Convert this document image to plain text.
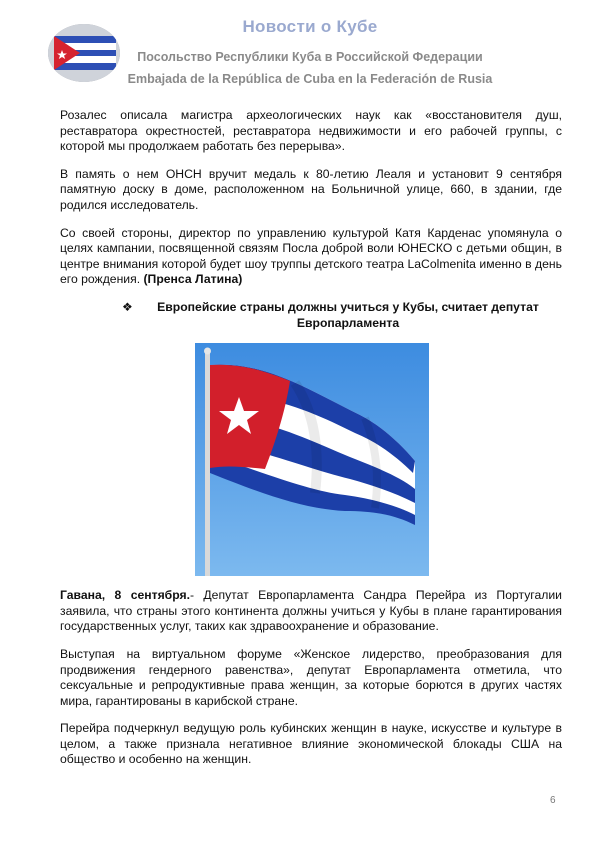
Новости о Кубе
Посольство Республики Куба в Российской Федерации
Embajada de la República de Cuba en la Federación de Rusia

Розалес описала магистра археологических наук как «восстановителя душ, реставратора окрестностей, реставратора недвижимости и его рабочей группы, с которой мы продолжаем работать без перерыва».

В память о нем ОНСН вручит медаль к 80-летию Леаля и установит 9 сентября памятную доску в доме, расположенном на Больничной улице, 660, в здании, где родился исследователь.

Со своей стороны, директор по управлению культурой Катя Карденас упомянула о целях кампании, посвященной связям Посла доброй воли ЮНЕСКО с детьми общин, в центре внимания которой будет шоу труппы детского театра LaColmenita именно в день его рождения. (Пренса Латина)

❖	Европейские страны должны учиться у Кубы, считает депутат Европарламента

Гавана, 8 сентября.- Депутат Европарламента Сандра Перейра из Португалии заявила, что страны этого континента должны учиться у Кубы в плане гарантирования государственных услуг, таких как здравоохранение и образование.

Выступая на виртуальном форуме «Женское лидерство, преобразования для продвижения гендерного равенства», депутат Европарламента отметила, что сексуальные и репродуктивные права женщин, за которые борются в других частях мира, гарантированы в карибской стране.

Перейра подчеркнул ведущую роль кубинских женщин в науке, искусстве и культуре в целом, а также признала негативное влияние экономической блокады США на общество и особенно на женщин.

6
